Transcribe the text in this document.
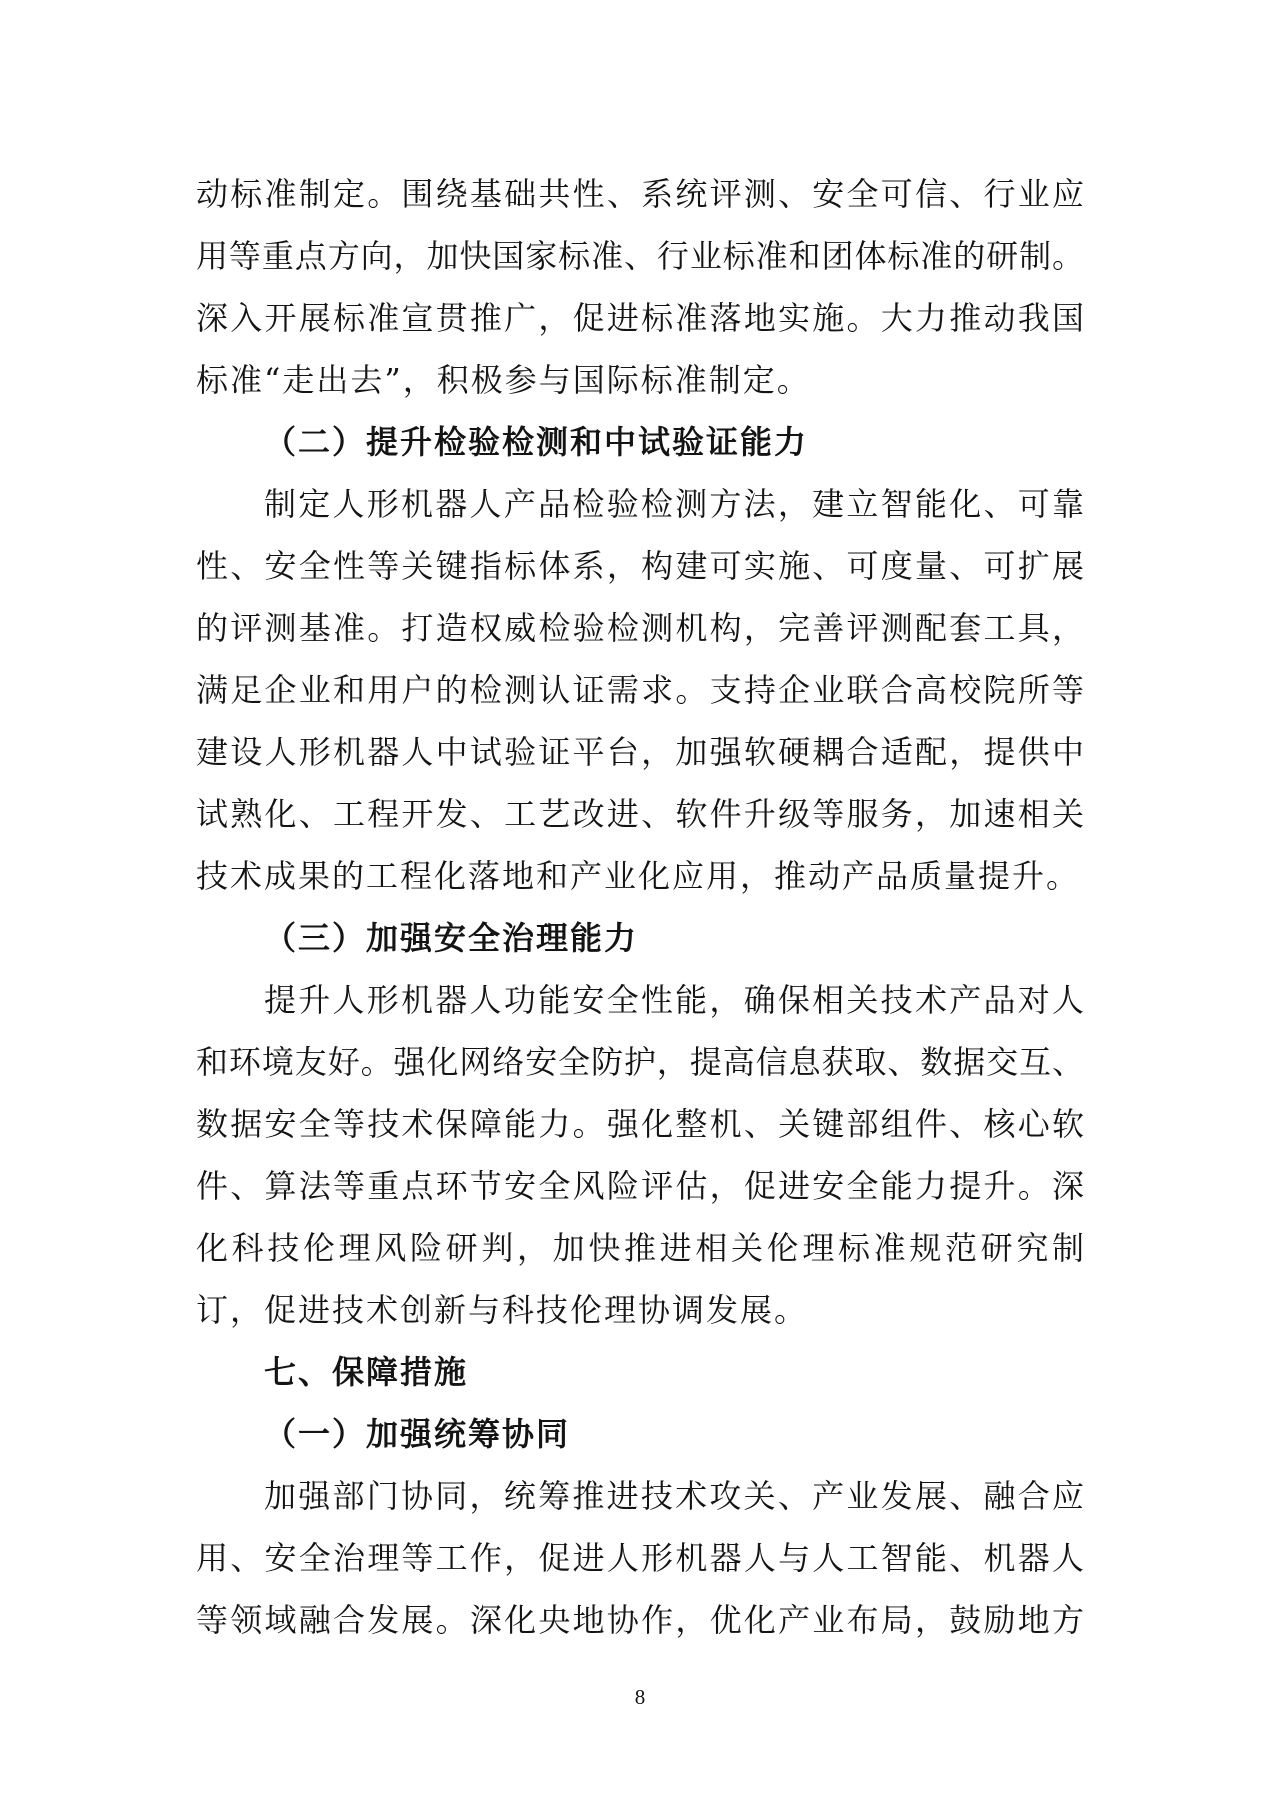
动标准制定。围绕基础共性、系统评测、安全可信、行业应
用等重点方向，加快国家标准、行业标准和团体标准的研制。
深入开展标准宣贯推广，促进标准落地实施。大力推动我国
标准“走出去”，积极参与国际标准制定。
（二）提升检验检测和中试验证能力
制定人形机器人产品检验检测方法，建立智能化、可靠
性、安全性等关键指标体系，构建可实施、可度量、可扩展
的评测基准。打造权威检验检测机构，完善评测配套工具，
满足企业和用户的检测认证需求。支持企业联合高校院所等
建设人形机器人中试验证平台，加强软硬耦合适配，提供中
试熟化、工程开发、工艺改进、软件升级等服务，加速相关
技术成果的工程化落地和产业化应用，推动产品质量提升。
（三）加强安全治理能力
提升人形机器人功能安全性能，确保相关技术产品对人
和环境友好。强化网络安全防护，提高信息获取、数据交互、
数据安全等技术保障能力。强化整机、关键部组件、核心软
件、算法等重点环节安全风险评估，促进安全能力提升。深
化科技伦理风险研判，加快推进相关伦理标准规范研究制
订，促进技术创新与科技伦理协调发展。
七、保障措施
（一）加强统筹协同
加强部门协同，统筹推进技术攻关、产业发展、融合应
用、安全治理等工作，促进人形机器人与人工智能、机器人
等领域融合发展。深化央地协作，优化产业布局，鼓励地方
8
